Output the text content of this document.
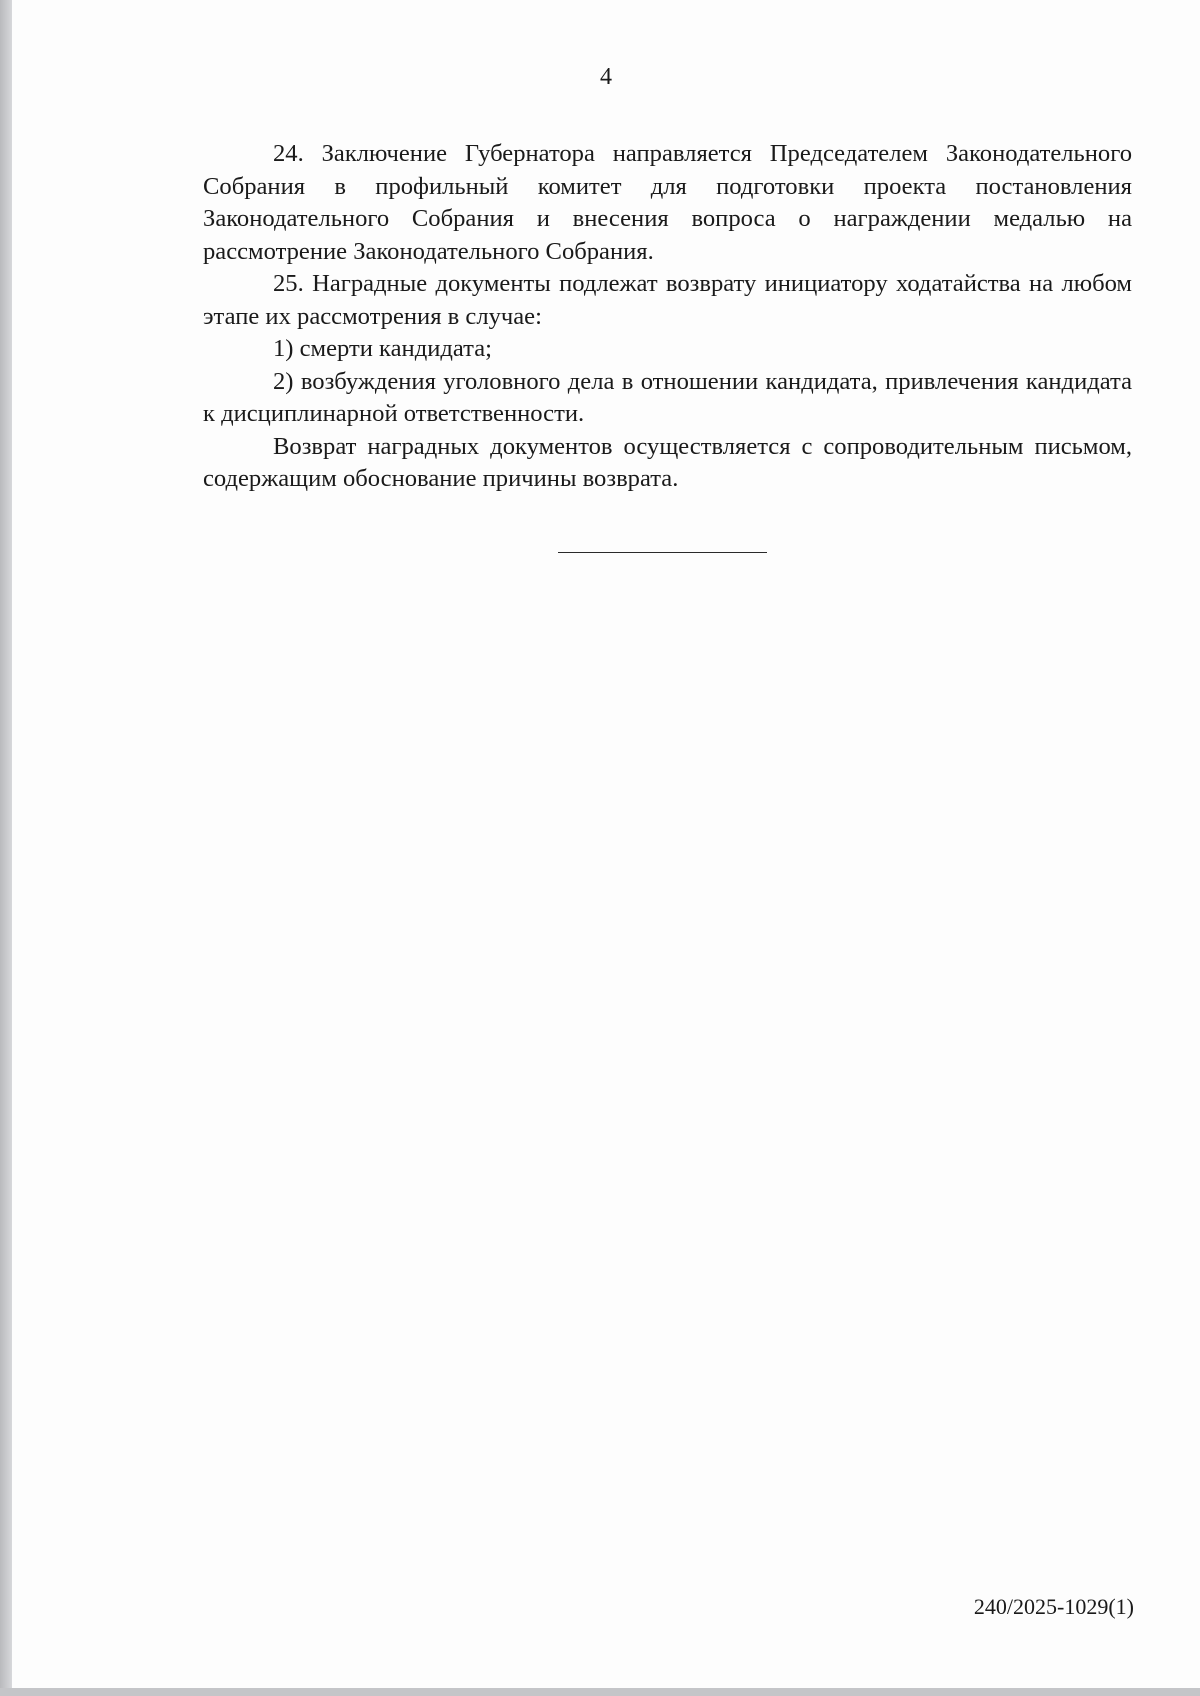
4

24. Заключение Губернатора направляется Председателем Законодательного Собрания в профильный комитет для подготовки проекта постановления Законодательного Собрания и внесения вопроса о награждении медалью на рассмотрение Законодательного Собрания.

25. Наградные документы подлежат возврату инициатору ходатайства на любом этапе их рассмотрения в случае:

1) смерти кандидата;

2) возбуждения уголовного дела в отношении кандидата, привлечения кандидата к дисциплинарной ответственности.

Возврат наградных документов осуществляется с сопроводительным письмом, содержащим обоснование причины возврата.

240/2025-1029(1)
